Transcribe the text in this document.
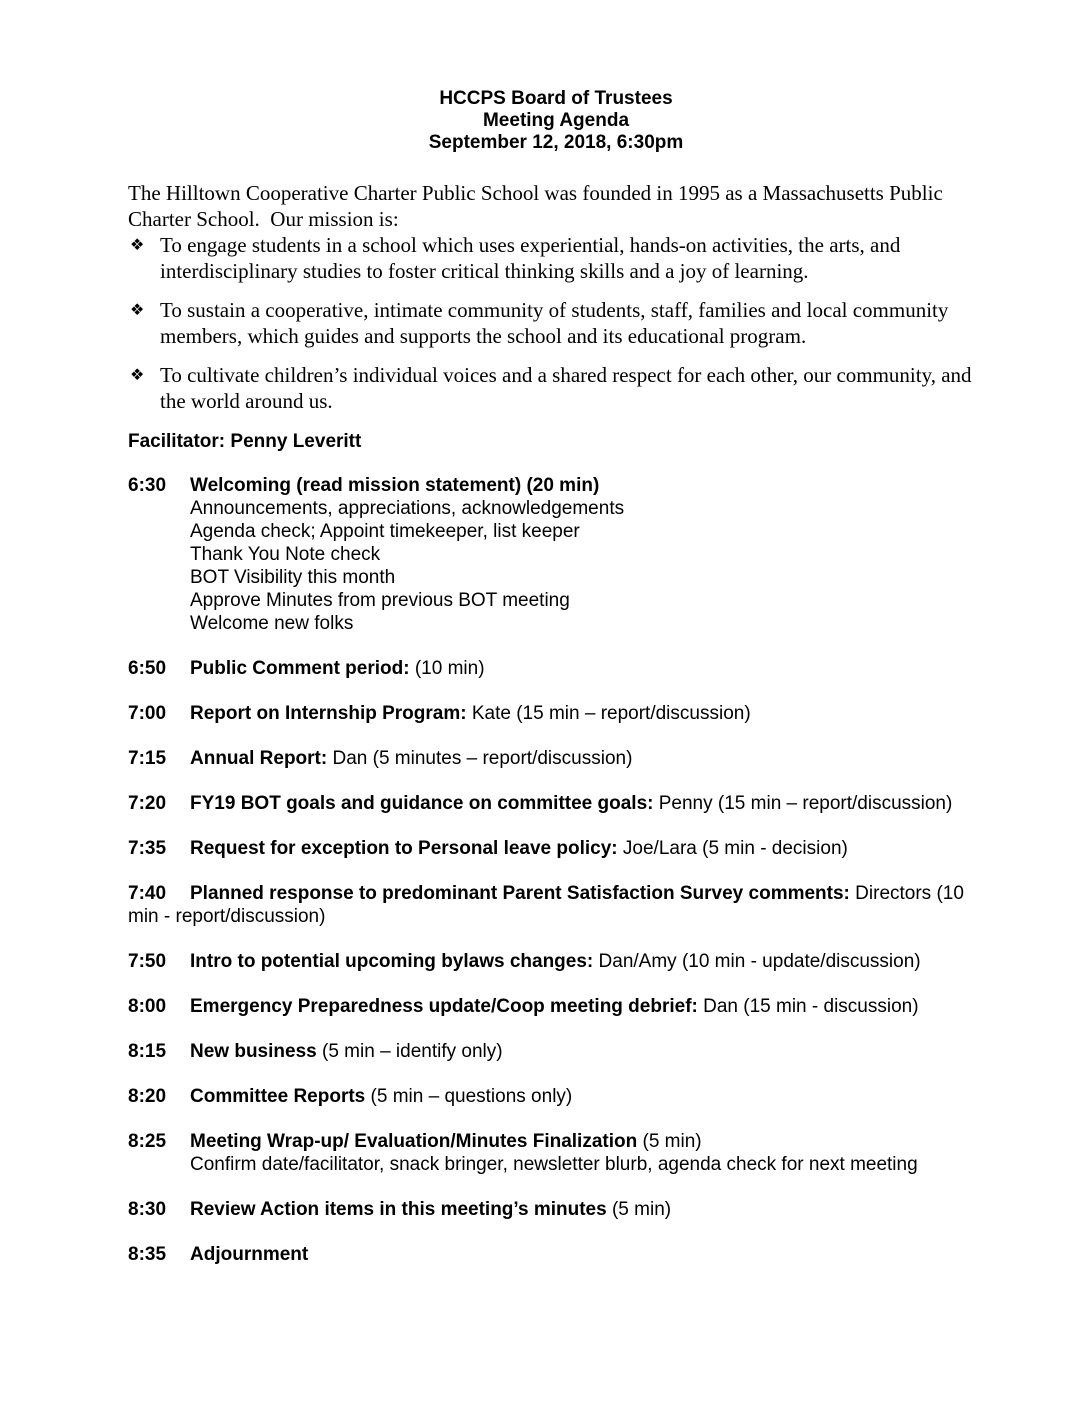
HCCPS Board of Trustees
Meeting Agenda
September 12, 2018, 6:30pm

The Hilltown Cooperative Charter Public School was founded in 1995 as a Massachusetts Public Charter School.  Our mission is:

❖ To engage students in a school which uses experiential, hands-on activities, the arts, and interdisciplinary studies to foster critical thinking skills and a joy of learning.
❖ To sustain a cooperative, intimate community of students, staff, families and local community members, which guides and supports the school and its educational program.
❖ To cultivate children’s individual voices and a shared respect for each other, our community, and the world around us.

Facilitator: Penny Leveritt

6:30 Welcoming (read mission statement) (20 min)
Announcements, appreciations, acknowledgements
Agenda check; Appoint timekeeper, list keeper
Thank You Note check
BOT Visibility this month
Approve Minutes from previous BOT meeting
Welcome new folks
6:50 Public Comment period: (10 min)
7:00 Report on Internship Program: Kate (15 min – report/discussion)
7:15 Annual Report: Dan (5 minutes – report/discussion)
7:20 FY19 BOT goals and guidance on committee goals: Penny (15 min – report/discussion)
7:35 Request for exception to Personal leave policy: Joe/Lara (5 min - decision)
7:40 Planned response to predominant Parent Satisfaction Survey comments: Directors (10 min - report/discussion)
7:50 Intro to potential upcoming bylaws changes: Dan/Amy (10 min - update/discussion)
8:00 Emergency Preparedness update/Coop meeting debrief: Dan (15 min - discussion)
8:15 New business (5 min – identify only)
8:20 Committee Reports (5 min – questions only)
8:25 Meeting Wrap-up/ Evaluation/Minutes Finalization (5 min)
Confirm date/facilitator, snack bringer, newsletter blurb, agenda check for next meeting
8:30 Review Action items in this meeting’s minutes (5 min)
8:35 Adjournment
